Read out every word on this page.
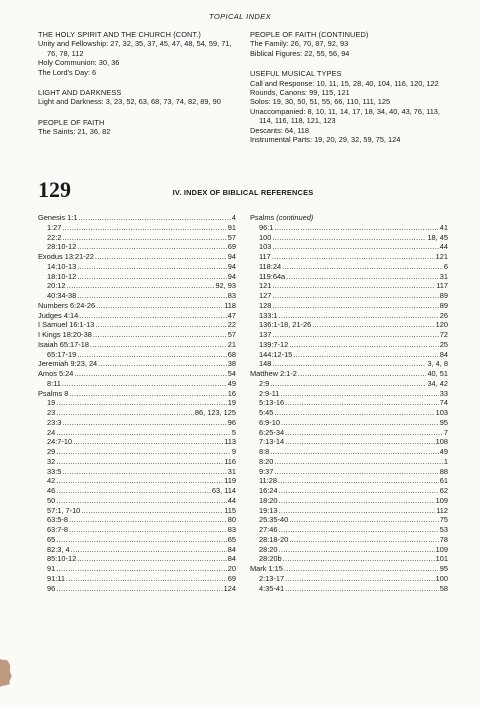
TOPICAL INDEX
THE HOLY SPIRIT AND THE CHURCH (CONT.)
Unity and Fellowship: 27, 32, 35, 37, 45, 47, 48, 54, 59, 71, 76, 78, 112
Holy Communion: 30, 36
The Lord's Day: 6
LIGHT AND DARKNESS
Light and Darkness: 3, 23, 52, 63, 68, 73, 74, 82, 89, 90
PEOPLE OF FAITH
The Saints: 21, 36, 82
PEOPLE OF FAITH (CONTINUED)
The Family: 26, 70, 87, 92, 93
Biblical Figures: 22, 55, 56, 94
USEFUL MUSICAL TYPES
Call and Response: 10, 11, 15, 28, 40, 104, 116, 120, 122
Rounds, Canons: 99, 115, 121
Solos: 19, 30, 50, 51, 55, 66, 110, 111, 125
Unaccompanied: 8, 10, 11, 14, 17, 18, 34, 40, 43, 76, 113, 114, 116, 118, 121, 123
Descants: 64, 118
Instrumental Parts: 19, 20, 29, 32, 59, 75, 124
129	IV. INDEX OF BIBLICAL REFERENCES
Genesis 1:1 .....	4
1:27 .....	91
22:2 .....	57
28:10-12 .....	69
Exodus 13:21-22 .....	94
14:10-13 .....	94
18:10-12 .....	94
20:12 .....	92, 93
40:34-38 .....	83
Numbers 6:24-26 .....	118
Judges 4:14 .....	47
I Samuel 16:1-13 .....	22
I Kings 18:20-38 .....	57
Isaiah 65:17-18 .....	21
65:17-19 .....	68
Jeremiah 9:23, 24 .....	38
Amos 5:24 .....	54
8:11 .....	49
Psalms 8 .....	16
19 .....	19
23 .....	86, 123, 125
23:3 .....	96
24 .....	5
24:7-10 .....	113
29 .....	9
32 .....	116
33:5 .....	31
42 .....	119
46 .....	63, 114
50 .....	44
57:1, 7-10 .....	115
63:5-8 .....	80
63:7-8 .....	83
65 .....	65
82:3, 4 .....	84
85:10-12 .....	84
91 .....	20
91:11 .....	69
96 .....	124
Psalms (continued)
96:1 .....	41
100 .....	18, 45
103 .....	44
117 .....	121
118:24 .....	6
119:64a .....	31
121 .....	117
127 .....	89
128 .....	89
133:1 .....	26
136:1-18, 21-26 .....	120
137 .....	72
139:7-12 .....	25
144:12-15 .....	84
148 .....	3, 4, 8
Matthew 2:1-2 .....	40, 51
2:9 .....	34, 42
2:9-11 .....	33
5:13-16 .....	74
5:45 .....	103
6:9-10 .....	95
6:25-34 .....	7
7:13-14 .....	108
8:8 .....	49
8:20 .....	1
9:37 .....	88
11:28 .....	61
16:24 .....	62
18:20 .....	109
19:13 .....	112
25:35-40 .....	75
27:46 .....	53
28:18-20 .....	78
28:20 .....	109
28:20b .....	101
Mark 1:15 .....	95
2:13-17 .....	100
4:35-41 .....	58
